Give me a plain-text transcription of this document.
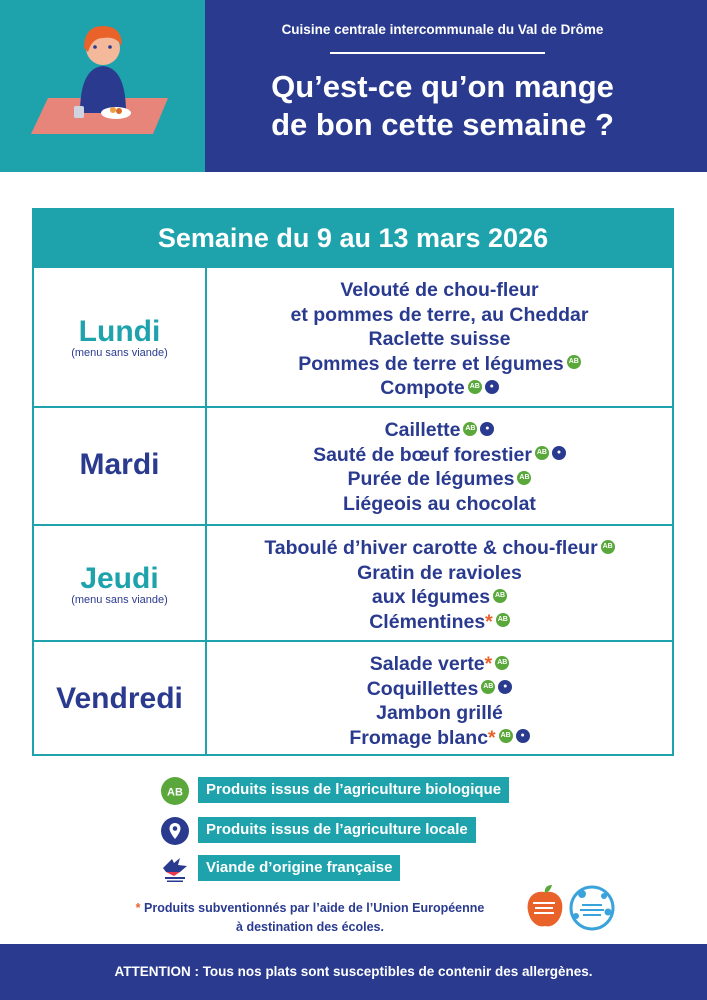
Cuisine centrale intercommunale du Val de Drôme
Qu’est-ce qu’on mange
de bon cette semaine ?
Semaine du 9 au 13 mars 2026
Lundi
(menu sans viande)
Velouté de chou-fleur
et pommes de terre, au Cheddar
Raclette suisse
Pommes de terre et légumes AB
Compote AB ●
Mardi
Caillette AB ●
Sauté de bœuf forestier AB ●
Purée de légumes AB
Liégeois au chocolat
Jeudi
(menu sans viande)
Taboulé d’hiver carotte & chou-fleur AB
Gratin de ravioles
aux légumes AB
Clémentines* AB
Vendredi
Salade verte* AB
Coquillettes AB ●
Jambon grillé
Fromage blanc* AB ●
AB	Produits issus de l’agriculture biologique
Produits issus de l’agriculture locale
Viande d’origine française
* Produits subventionnés par l’aide de l’Union Européenne
à destination des écoles.
ATTENTION : Tous nos plats sont susceptibles de contenir des allergènes.
